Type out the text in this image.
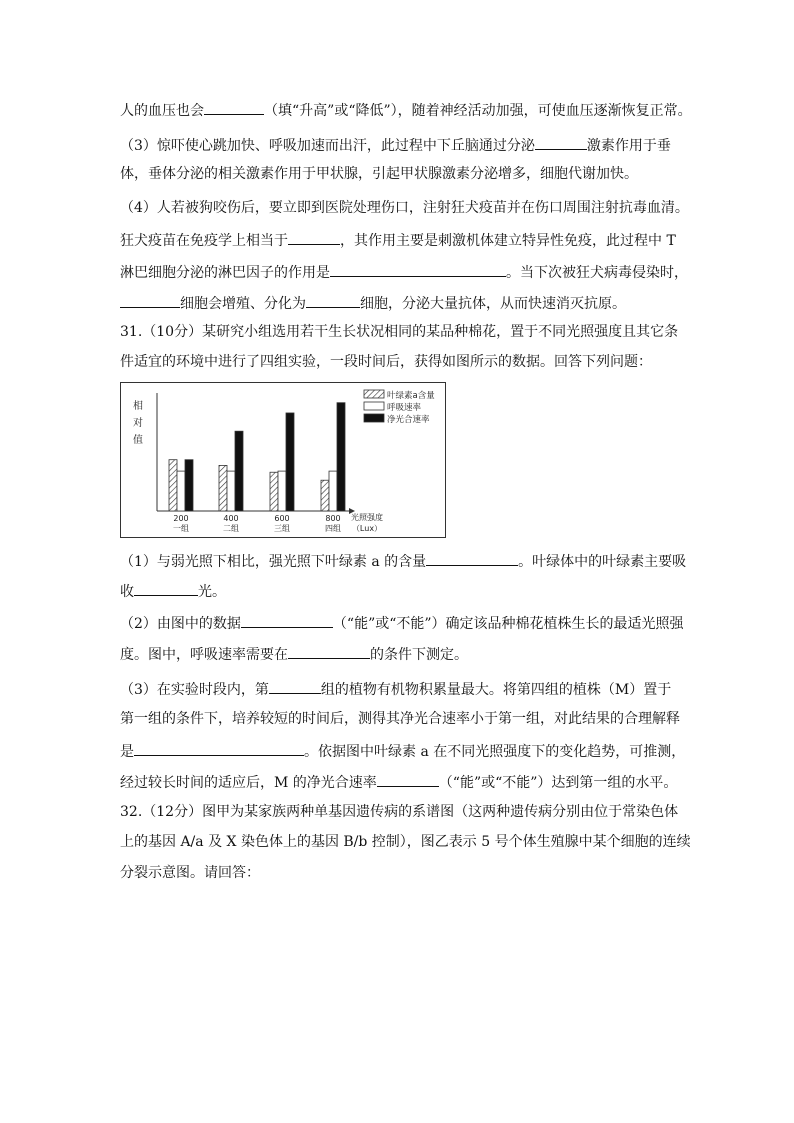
人的血压也会	（填“升高”或“降低”），随着神经活动加强，可使血压逐渐恢复正常。
（3）惊吓使心跳加快、呼吸加速而出汗，此过程中下丘脑通过分泌	激素作用于垂
体，垂体分泌的相关激素作用于甲状腺，引起甲状腺激素分泌增多，细胞代谢加快。
（4）人若被狗咬伤后，要立即到医院处理伤口，注射狂犬疫苗并在伤口周围注射抗毒血清。
狂犬疫苗在免疫学上相当于	，其作用主要是刺激机体建立特异性免疫，此过程中 T
淋巴细胞分泌的淋巴因子的作用是	。当下次被狂犬病毒侵染时，
细胞会增殖、分化为	细胞，分泌大量抗体，从而快速消灭抗原。
31.（10分）某研究小组选用若干生长状况相同的某品种棉花，置于不同光照强度且其它条
件适宜的环境中进行了四组实验，一段时间后，获得如图所示的数据。回答下列问题：
（1）与弱光照下相比，强光照下叶绿素 a 的含量	。叶绿体中的叶绿素主要吸
收	光。
（2）由图中的数据	（“能”或“不能”）确定该品种棉花植株生长的最适光照强
度。图中，呼吸速率需要在	的条件下测定。
（3）在实验时段内，第	组的植物有机物积累量最大。将第四组的植株（M）置于
第一组的条件下，培养较短的时间后，测得其净光合速率小于第一组，对此结果的合理解释
是	。依据图中叶绿素 a 在不同光照强度下的变化趋势，可推测，
经过较长时间的适应后，M 的净光合速率	（“能”或“不能”）达到第一组的水平。
32.（12分）图甲为某家族两种单基因遗传病的系谱图（这两种遗传病分别由位于常染色体
上的基因 A/a 及 X 染色体上的基因 B/b 控制），图乙表示 5 号个体生殖腺中某个细胞的连续
分裂示意图。请回答：
相
对
值
光照强度
（Lux）
200
一组
400
二组
600
三组
800
四组
叶绿素a含量
呼吸速率
净光合速率
